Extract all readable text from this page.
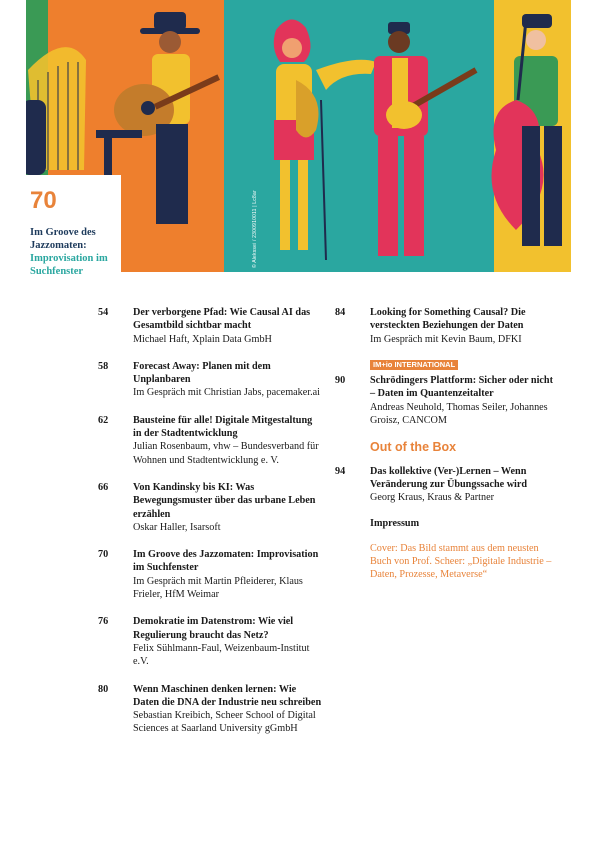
© Alekssei / 2300910011 | Lc8ar
70
Im Groove des Jazzomaten:
Improvisation im Suchfenster
54 Der verborgene Pfad: Wie Causal AI das Gesamtbild sichtbar macht
Michael Haft, Xplain Data GmbH
58 Forecast Away: Planen mit dem Unplanbaren
Im Gespräch mit Christian Jabs, pacemaker.ai
62 Bausteine für alle! Digitale Mitgestaltung in der Stadtentwicklung
Julian Rosenbaum, vhw – Bundesverband für Wohnen und Stadtentwicklung e. V.
66 Von Kandinsky bis KI: Was Bewegungsmuster über das urbane Leben erzählen
Oskar Haller, Isarsoft
70 Im Groove des Jazzomaten: Improvisation im Suchfenster
Im Gespräch mit Martin Pfleiderer, Klaus Frieler, HfM Weimar
76 Demokratie im Datenstrom: Wie viel Regulierung braucht das Netz?
Felix Sühlmann-Faul, Weizenbaum-Institut e.V.
80 Wenn Maschinen denken lernen: Wie Daten die DNA der Industrie neu schreiben
Sebastian Kreibich, Scheer School of Digital Sciences at Saarland University gGmbH
84 Looking for Something Causal? Die versteckten Beziehungen der Daten
Im Gespräch mit Kevin Baum, DFKI
IM+io INTERNATIONAL
90 Schrödingers Plattform: Sicher oder nicht – Daten im Quantenzeitalter
Andreas Neuhold, Thomas Seiler, Johannes Groisz, CANCOM
Out of the Box
94 Das kollektive (Ver-)Lernen – Wenn Veränderung zur Übungssache wird
Georg Kraus, Kraus & Partner
Impressum
Cover: Das Bild stammt aus dem neusten Buch von Prof. Scheer: „Digitale Industrie – Daten, Prozesse, Metaverse“
